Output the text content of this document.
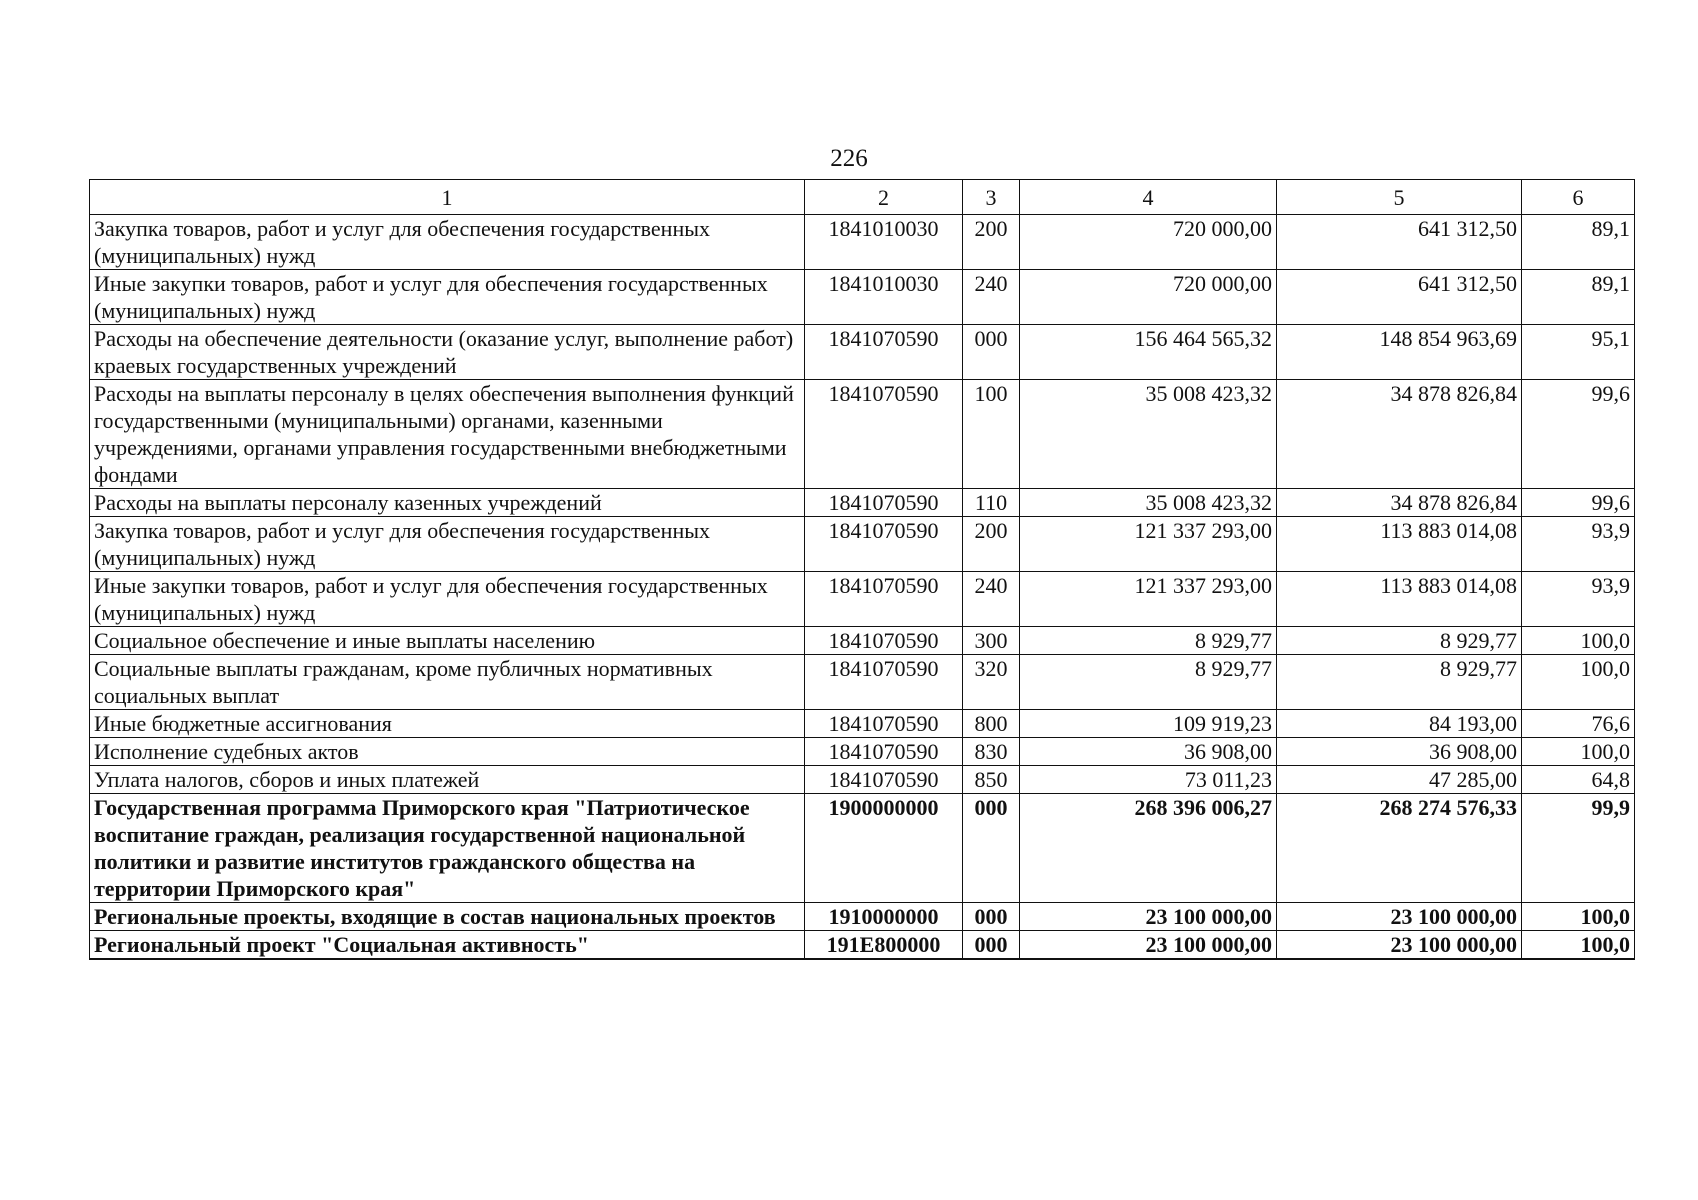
226
1	2	3	4	5	6
Закупка товаров, работ и услуг для обеспечения государственных (муниципальных) нужд	1841010030	200	720 000,00	641 312,50	89,1
Иные закупки товаров, работ и услуг для обеспечения государственных (муниципальных) нужд	1841010030	240	720 000,00	641 312,50	89,1
Расходы на обеспечение деятельности (оказание услуг, выполнение работ) краевых государственных учреждений	1841070590	000	156 464 565,32	148 854 963,69	95,1
Расходы на выплаты персоналу в целях обеспечения выполнения функций государственными (муниципальными) органами, казенными учреждениями, органами управления государственными внебюджетными фондами	1841070590	100	35 008 423,32	34 878 826,84	99,6
Расходы на выплаты персоналу казенных учреждений	1841070590	110	35 008 423,32	34 878 826,84	99,6
Закупка товаров, работ и услуг для обеспечения государственных (муниципальных) нужд	1841070590	200	121 337 293,00	113 883 014,08	93,9
Иные закупки товаров, работ и услуг для обеспечения государственных (муниципальных) нужд	1841070590	240	121 337 293,00	113 883 014,08	93,9
Социальное обеспечение и иные выплаты населению	1841070590	300	8 929,77	8 929,77	100,0
Социальные выплаты гражданам, кроме публичных нормативных социальных выплат	1841070590	320	8 929,77	8 929,77	100,0
Иные бюджетные ассигнования	1841070590	800	109 919,23	84 193,00	76,6
Исполнение судебных актов	1841070590	830	36 908,00	36 908,00	100,0
Уплата налогов, сборов и иных платежей	1841070590	850	73 011,23	47 285,00	64,8
Государственная программа Приморского края "Патриотическое воспитание граждан, реализация государственной национальной политики и развитие институтов гражданского общества на территории Приморского края"	1900000000	000	268 396 006,27	268 274 576,33	99,9
Региональные проекты, входящие в состав национальных проектов	1910000000	000	23 100 000,00	23 100 000,00	100,0
Региональный проект "Социальная активность"	191E800000	000	23 100 000,00	23 100 000,00	100,0
